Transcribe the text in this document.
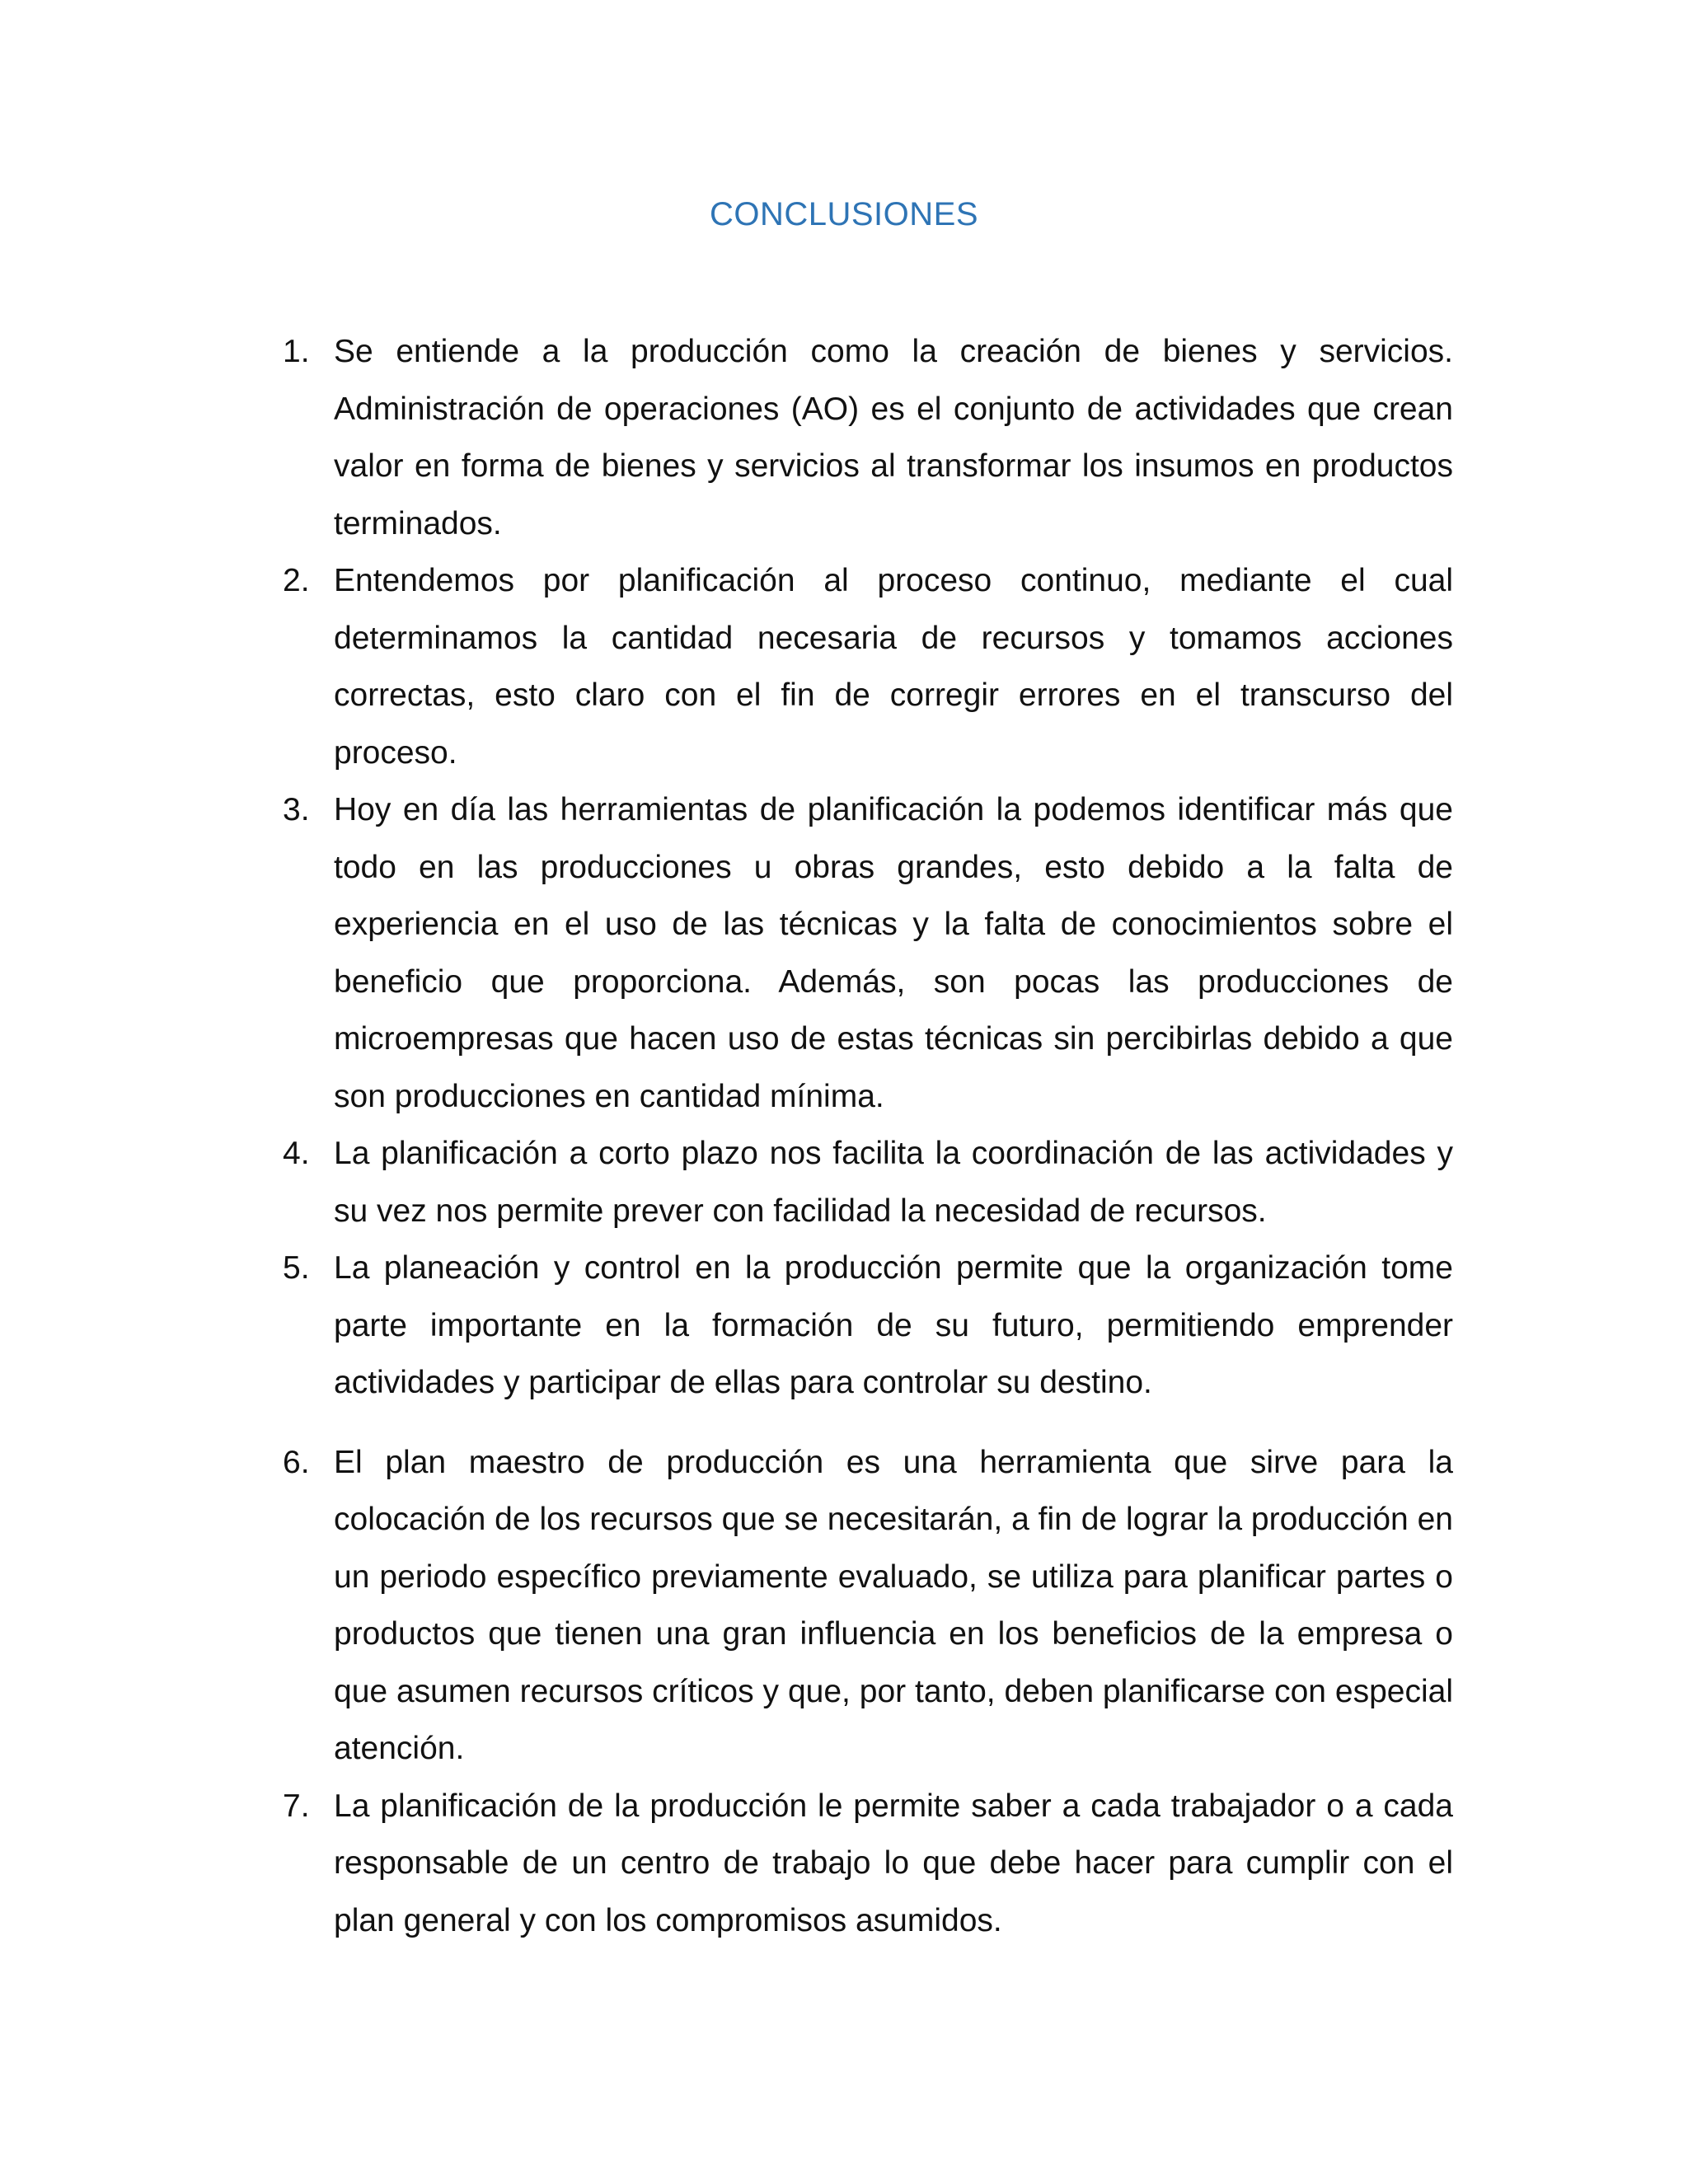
CONCLUSIONES
1. Se entiende a la producción como la creación de bienes y servicios. Administración de operaciones (AO) es el conjunto de actividades que crean valor en forma de bienes y servicios al transformar los insumos en productos terminados.
2. Entendemos por planificación al proceso continuo, mediante el cual determinamos la cantidad necesaria de recursos y tomamos acciones correctas, esto claro con el fin de corregir errores en el transcurso del proceso.
3. Hoy en día las herramientas de planificación la podemos identificar más que todo en las producciones u obras grandes, esto debido a la falta de experiencia en el uso de las técnicas y la falta de conocimientos sobre el beneficio que proporciona. Además, son pocas las producciones de microempresas que hacen uso de estas técnicas sin percibirlas debido a que son producciones en cantidad mínima.
4. La planificación a corto plazo nos facilita la coordinación de las actividades y su vez nos permite prever con facilidad la necesidad de recursos.
5. La planeación y control en la producción permite que la organización tome parte importante en la formación de su futuro, permitiendo emprender actividades y participar de ellas para controlar su destino.
6. El plan maestro de producción es una herramienta que sirve para la colocación de los recursos que se necesitarán, a fin de lograr la producción en un periodo específico previamente evaluado, se utiliza para planificar partes o productos que tienen una gran influencia en los beneficios de la empresa o que asumen recursos críticos y que, por tanto, deben planificarse con especial atención.
7. La planificación de la producción le permite saber a cada trabajador o a cada responsable de un centro de trabajo lo que debe hacer para cumplir con el plan general y con los compromisos asumidos.
